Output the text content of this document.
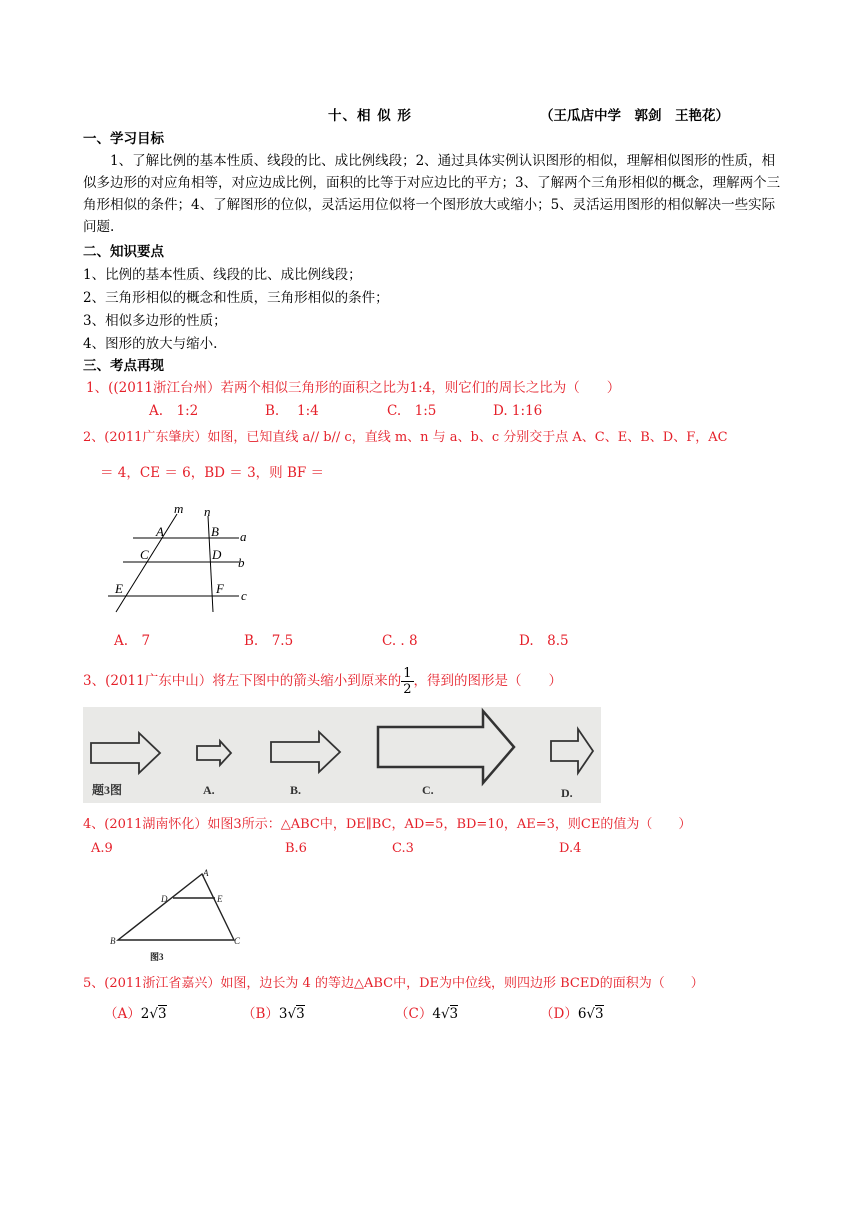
十、相 似 形	（王瓜店中学　郭剑　王艳花）
一、学习目标
1、了解比例的基本性质、线段的比、成比例线段；2、通过具体实例认识图形的相似，理解相似图形的性质，相似多边形的对应角相等，对应边成比例，面积的比等于对应边比的平方；3、了解两个三角形相似的概念，理解两个三角形相似的条件；4、了解图形的位似，灵活运用位似将一个图形放大或缩小；5、灵活运用图形的相似解决一些实际问题.
二、知识要点
1、比例的基本性质、线段的比、成比例线段；
2、三角形相似的概念和性质，三角形相似的条件；
3、相似多边形的性质；
4、图形的放大与缩小.
三、考点再现
1、((2011浙江台州）若两个相似三角形的面积之比为1:4，则它们的周长之比为（　　）
A.　1:2	B.　 1:4	C.　1:5	D. 1:16
2、(2011广东肇庆）如图，已知直线 a// b// c，直线 m、n 与 a、b、c 分别交于点 A、C、E、B、D、F，AC
＝ 4，CE ＝ 6，BD ＝ 3，则 BF ＝
m n
A	B a
C	D
b
E	F c
A.　7	B.　7.5	C. . 8	D.　8.5
3、(2011广东中山）将左下图中的箭头缩小到原来的 $\frac{1}{2}$ ，得到的图形是（　　）
题3图	A.	B.	C.	D.
4、(2011湖南怀化）如图3所示：△ABC中，DE∥BC，AD=5，BD=10，AE=3，则CE的值为（　　）
A.9	B.6	C.3	D.4
A
D	E
B	C
图3
5、(2011浙江省嘉兴）如图，边长为 4 的等边△ABC中，DE为中位线，则四边形 BCED的面积为（　　）
（A）2√3	（B）3√3	（C）4√3	（D）6√3
